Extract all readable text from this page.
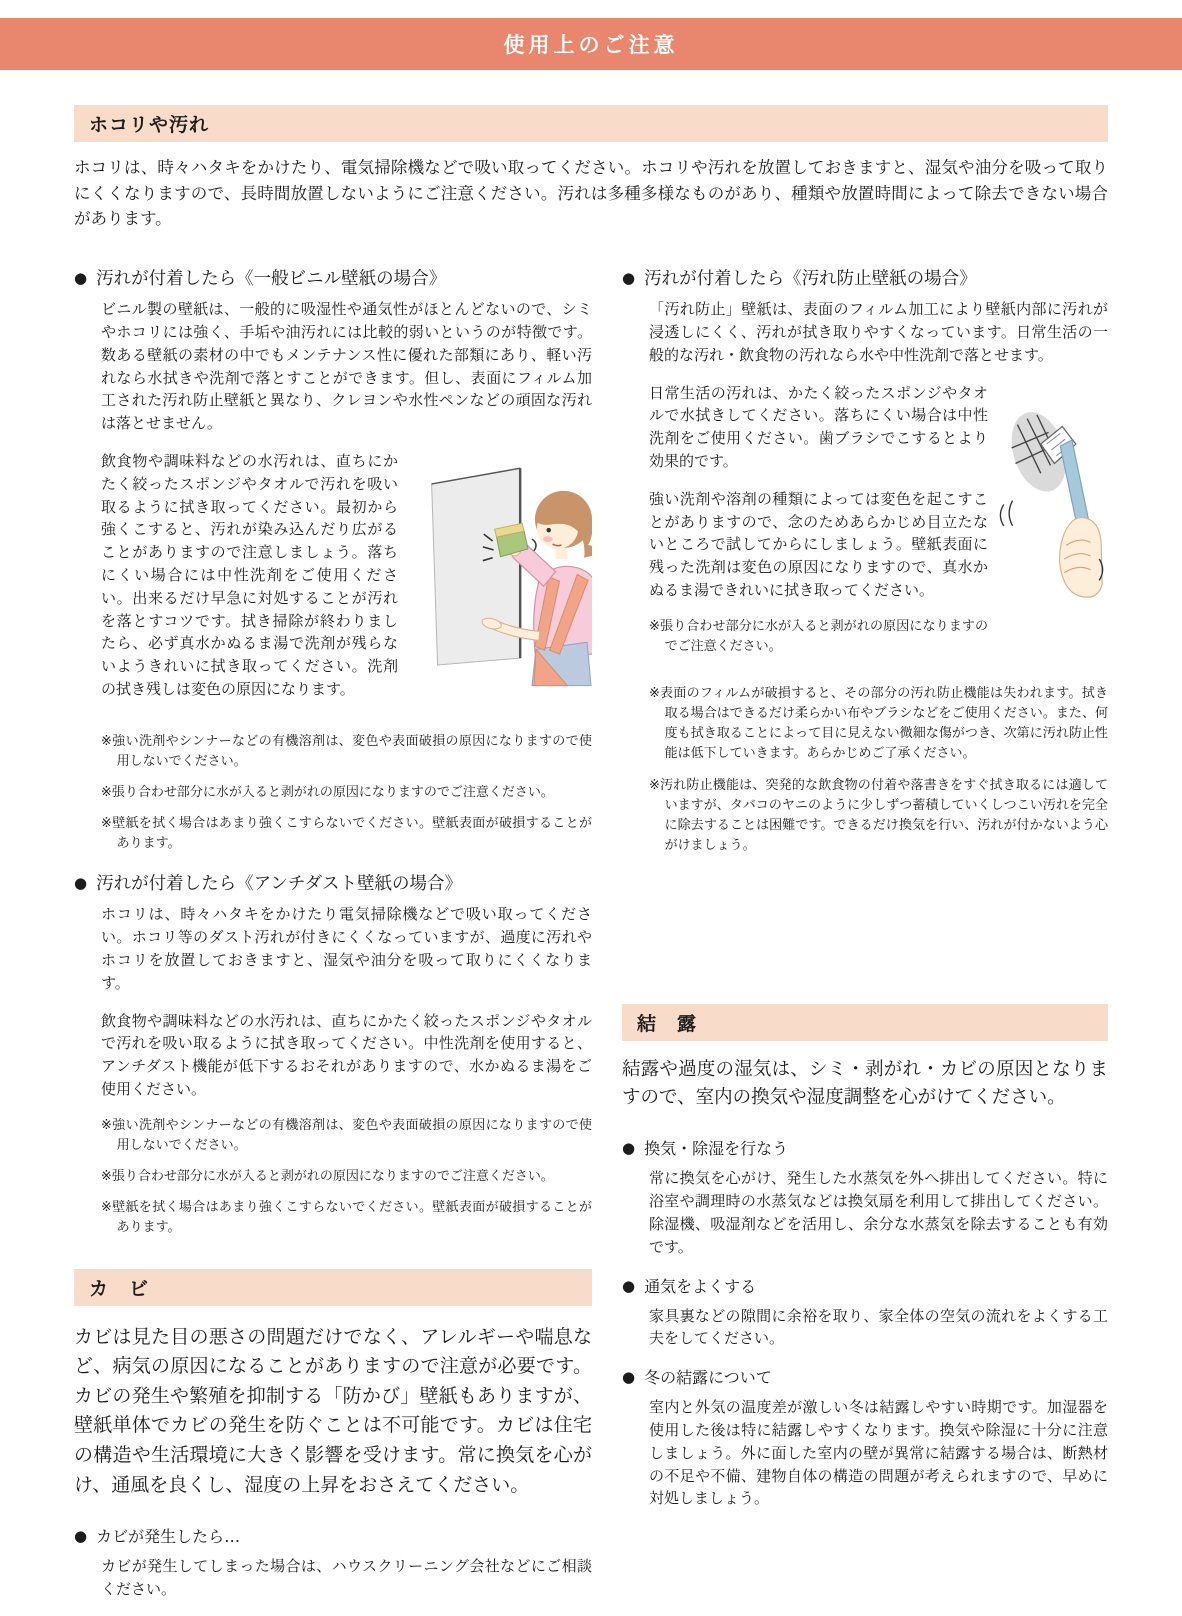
使用上のご注意
ホコリや汚れ

ホコリは、時々ハタキをかけたり、電気掃除機などで吸い取ってください。ホコリや汚れを放置しておきますと、湿気や油分を吸って取りにくくなりますので、長時間放置しないようにご注意ください。汚れは多種多様なものがあり、種類や放置時間によって除去できない場合があります。

● 汚れが付着したら《一般ビニル壁紙の場合》

ビニル製の壁紙は、一般的に吸湿性や通気性がほとんどないので、シミやホコリには強く、手垢や油汚れには比較的弱いというのが特徴です。数ある壁紙の素材の中でもメンテナンス性に優れた部類にあり、軽い汚れなら水拭きや洗剤で落とすことができます。但し、表面にフィルム加工された汚れ防止壁紙と異なり、クレヨンや水性ペンなどの頑固な汚れは落とせません。

飲食物や調味料などの水汚れは、直ちにかたく絞ったスポンジやタオルで汚れを吸い取るように拭き取ってください。最初から強くこすると、汚れが染み込んだり広がることがありますので注意しましょう。落ちにくい場合には中性洗剤をご使用ください。出来るだけ早急に対処することが汚れを落とすコツです。拭き掃除が終わりましたら、必ず真水かぬるま湯で洗剤が残らないようきれいに拭き取ってください。洗剤の拭き残しは変色の原因になります。

※強い洗剤やシンナーなどの有機溶剤は、変色や表面破損の原因になりますので使用しないでください。

※張り合わせ部分に水が入ると剥がれの原因になりますのでご注意ください。

※壁紙を拭く場合はあまり強くこすらないでください。壁紙表面が破損することがあります。

● 汚れが付着したら《アンチダスト壁紙の場合》

ホコリは、時々ハタキをかけたり電気掃除機などで吸い取ってください。ホコリ等のダスト汚れが付きにくくなっていますが、過度に汚れやホコリを放置しておきますと、湿気や油分を吸って取りにくくなります。

飲食物や調味料などの水汚れは、直ちにかたく絞ったスポンジやタオルで汚れを吸い取るように拭き取ってください。中性洗剤を使用すると、アンチダスト機能が低下するおそれがありますので、水かぬるま湯をご使用ください。

※強い洗剤やシンナーなどの有機溶剤は、変色や表面破損の原因になりますので使用しないでください。

※張り合わせ部分に水が入ると剥がれの原因になりますのでご注意ください。

※壁紙を拭く場合はあまり強くこすらないでください。壁紙表面が破損することがあります。

カ　ビ

カビは見た目の悪さの問題だけでなく、アレルギーや喘息など、病気の原因になることがありますので注意が必要です。カビの発生や繁殖を抑制する「防かび」壁紙もありますが、壁紙単体でカビの発生を防ぐことは不可能です。カビは住宅の構造や生活環境に大きく影響を受けます。常に換気を心がけ、通風を良くし、湿度の上昇をおさえてください。

● カビが発生したら…

カビが発生してしまった場合は、ハウスクリーニング会社などにご相談ください。

● 汚れが付着したら《汚れ防止壁紙の場合》

「汚れ防止」壁紙は、表面のフィルム加工により壁紙内部に汚れが浸透しにくく、汚れが拭き取りやすくなっています。日常生活の一般的な汚れ・飲食物の汚れなら水や中性洗剤で落とせます。

日常生活の汚れは、かたく絞ったスポンジやタオルで水拭きしてください。落ちにくい場合は中性洗剤をご使用ください。歯ブラシでこするとより効果的です。

強い洗剤や溶剤の種類によっては変色を起こすことがありますので、念のためあらかじめ目立たないところで試してからにしましょう。壁紙表面に残った洗剤は変色の原因になりますので、真水かぬるま湯できれいに拭き取ってください。

※張り合わせ部分に水が入ると剥がれの原因になりますのでご注意ください。

※表面のフィルムが破損すると、その部分の汚れ防止機能は失われます。拭き取る場合はできるだけ柔らかい布やブラシなどをご使用ください。また、何度も拭き取ることによって目に見えない微細な傷がつき、次第に汚れ防止性能は低下していきます。あらかじめご了承ください。

※汚れ防止機能は、突発的な飲食物の付着や落書きをすぐ拭き取るには適していますが、タバコのヤニのように少しずつ蓄積していくしつこい汚れを完全に除去することは困難です。できるだけ換気を行い、汚れが付かないよう心がけましょう。

結　露

結露や過度の湿気は、シミ・剥がれ・カビの原因となりますので、室内の換気や湿度調整を心がけてください。

● 換気・除湿を行なう

常に換気を心がけ、発生した水蒸気を外へ排出してください。特に浴室や調理時の水蒸気などは換気扇を利用して排出してください。除湿機、吸湿剤などを活用し、余分な水蒸気を除去することも有効です。

● 通気をよくする

家具裏などの隙間に余裕を取り、家全体の空気の流れをよくする工夫をしてください。

● 冬の結露について

室内と外気の温度差が激しい冬は結露しやすい時期です。加湿器を使用した後は特に結露しやすくなります。換気や除湿に十分に注意しましょう。外に面した室内の壁が異常に結露する場合は、断熱材の不足や不備、建物自体の構造の問題が考えられますので、早めに対処しましょう。
